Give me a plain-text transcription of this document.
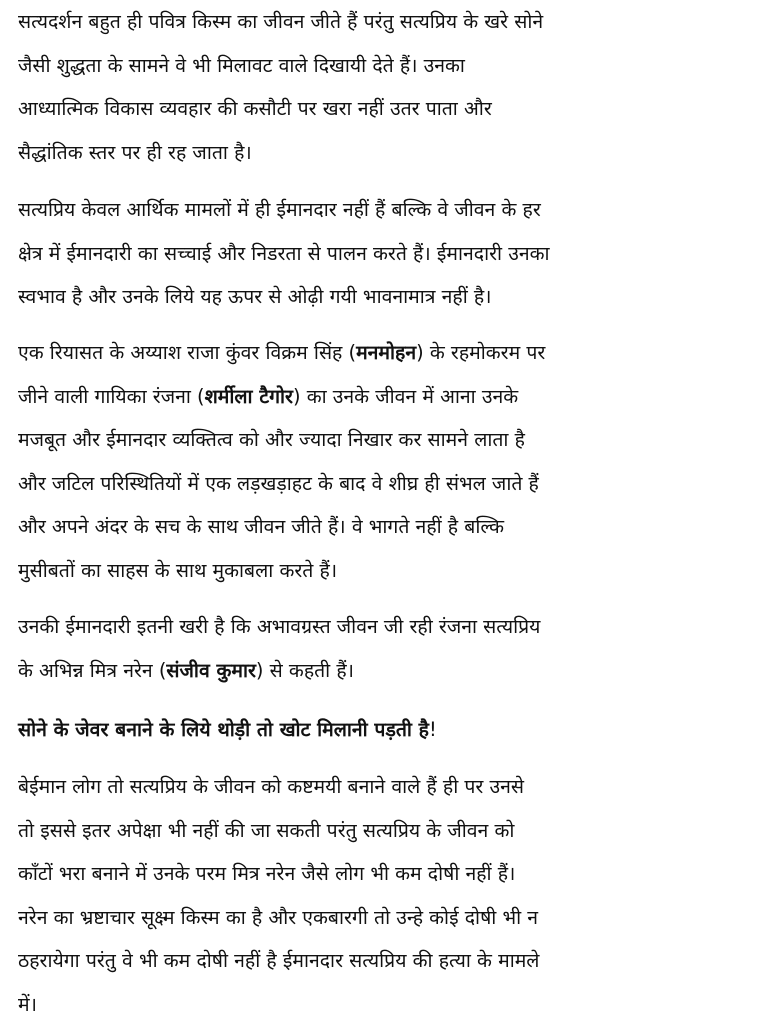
सत्यदर्शन बहुत ही पवित्र किस्म का जीवन जीते हैं परंतु सत्यप्रिय के खरे सोने
जैसी शुद्धता के सामने वे भी मिलावट वाले दिखायी देते हैं। उनका
आध्यात्मिक विकास व्यवहार की कसौटी पर खरा नहीं उतर पाता और
सैद्धांतिक स्तर पर ही रह जाता है।

सत्यप्रिय केवल आर्थिक मामलों में ही ईमानदार नहीं हैं बल्कि वे जीवन के हर
क्षेत्र में ईमानदारी का सच्चाई और निडरता से पालन करते हैं। ईमानदारी उनका
स्वभाव है और उनके लिये यह ऊपर से ओढ़ी गयी भावनामात्र नहीं है।

एक रियासत के अय्याश राजा कुंवर विक्रम सिंह (मनमोहन) के रहमोकरम पर
जीने वाली गायिका रंजना (शर्मीला टैगोर) का उनके जीवन में आना उनके
मजबूत और ईमानदार व्यक्तित्व को और ज्यादा निखार कर सामने लाता है
और जटिल परिस्थितियों में एक लड़खड़ाहट के बाद वे शीघ्र ही संभल जाते हैं
और अपने अंदर के सच के साथ जीवन जीते हैं। वे भागते नहीं है बल्कि
मुसीबतों का साहस के साथ मुकाबला करते हैं।

उनकी ईमानदारी इतनी खरी है कि अभावग्रस्त जीवन जी रही रंजना सत्यप्रिय
के अभिन्न मित्र नरेन (संजीव कुमार) से कहती हैं।

सोने के जेवर बनाने के लिये थोड़ी तो खोट मिलानी पड़ती है!

बेईमान लोग तो सत्यप्रिय के जीवन को कष्टमयी बनाने वाले हैं ही पर उनसे
तो इससे इतर अपेक्षा भी नहीं की जा सकती परंतु सत्यप्रिय के जीवन को
काँटों भरा बनाने में उनके परम मित्र नरेन जैसे लोग भी कम दोषी नहीं हैं।
नरेन का भ्रष्टाचार सूक्ष्म किस्म का है और एकबारगी तो उन्हे कोई दोषी भी न
ठहरायेगा परंतु वे भी कम दोषी नहीं है ईमानदार सत्यप्रिय की हत्या के मामले
में।
